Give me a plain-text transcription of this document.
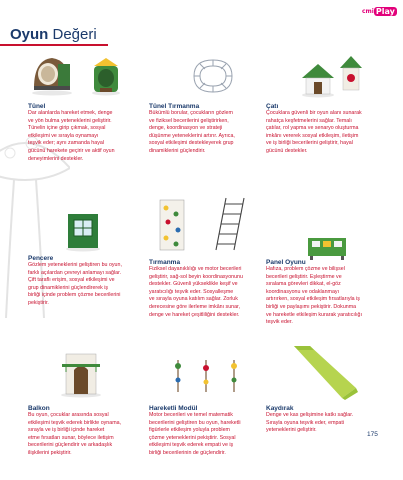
cmi Play
Oyun Değeri
Tünel
Dar alanlarda hareket etmek, denge
ve yön bulma yeteneklerini geliştirir.
Tünelin içine girip çıkmak, sosyal
etkileşimi ve sırayla oynamayı
teşvik eder; aynı zamanda hayal
gücünü harekete geçirir ve aktif oyun
deneyimlerini destekler.
Tünel Tırmanma
Bükümlü borular, çocukların gözlem
ve fiziksel becerilerini geliştirirken,
denge, koordinasyon ve strateji
düşünme yeteneklerini artırır. Ayrıca,
sosyal etkileşimi destekleyerek grup
dinamiklerini güçlendirir.
Çatı
Çocuklara güvenli bir oyun alanı sunarak
rahatça keşfetmelerini sağlar. Temalı
çatılar, rol yapma ve senaryo oluşturma
imkânı vererek sosyal etkileşim, iletişim
ve iş birliği becerilerini geliştirir, hayal
gücünü destekler.
Pencere
Gözlem yeteneklerini geliştiren bu oyun,
farklı açılardan çevreyi anlamayı sağlar.
Çift taraflı erişim, sosyal etkileşimi ve
grup dinamiklerini güçlendirerek iş
birliği içinde problem çözme becerilerini
pekiştirir.
Tırmanma
Fiziksel dayanıklılığı ve motor becerileri
geliştirir, sağ-sol beyin koordinasyonunu
destekler. Güvenli yükseklikle keşif ve
yaratıcılığı teşvik eder. Sosyalleşme
ve sırayla oyuna katılım sağlar. Zorluk
derecesine göre ilerleme imkânı sunar,
denge ve hareket çeşitliliğini destekler.
Panel Oyunu
Hafıza, problem çözme ve bilişsel
becerileri geliştirir. Eşleştirme ve
sıralama görevleri dikkat, el-göz
koordinasyonu ve odaklanmayı
artırırken, sosyal etkileşim fırsatlarıyla iş
birliği ve paylaşımı pekiştirir. Dokunma
ve hareketle etkileşim kurarak yaratıcılığı
teşvik eder.
Balkon
Bu oyun, çocuklar arasında sosyal
etkileşimi teşvik ederek birlikte oynama,
sırayla ve iş birliği içinde hareket
etme fırsatları sunar, böylece iletişim
becerilerini güçlendirir ve arkadaşlık
ilişkilerini pekiştirir.
Hareketli Modül
Motor becerileri ve temel matematik
becerilerini geliştiren bu oyun, hareketli
figürlerle etkileşim yoluyla problem
çözme yeteneklerini pekiştirir. Sosyal
etkileşimi teşvik ederek empati ve iş
birliği becerilerinin de güçlendirir.
Kaydırak
Denge ve kas gelişimine katkı sağlar.
Sırayla oyuna teşvik eder, empati
yeteneklerini geliştirir.
175
